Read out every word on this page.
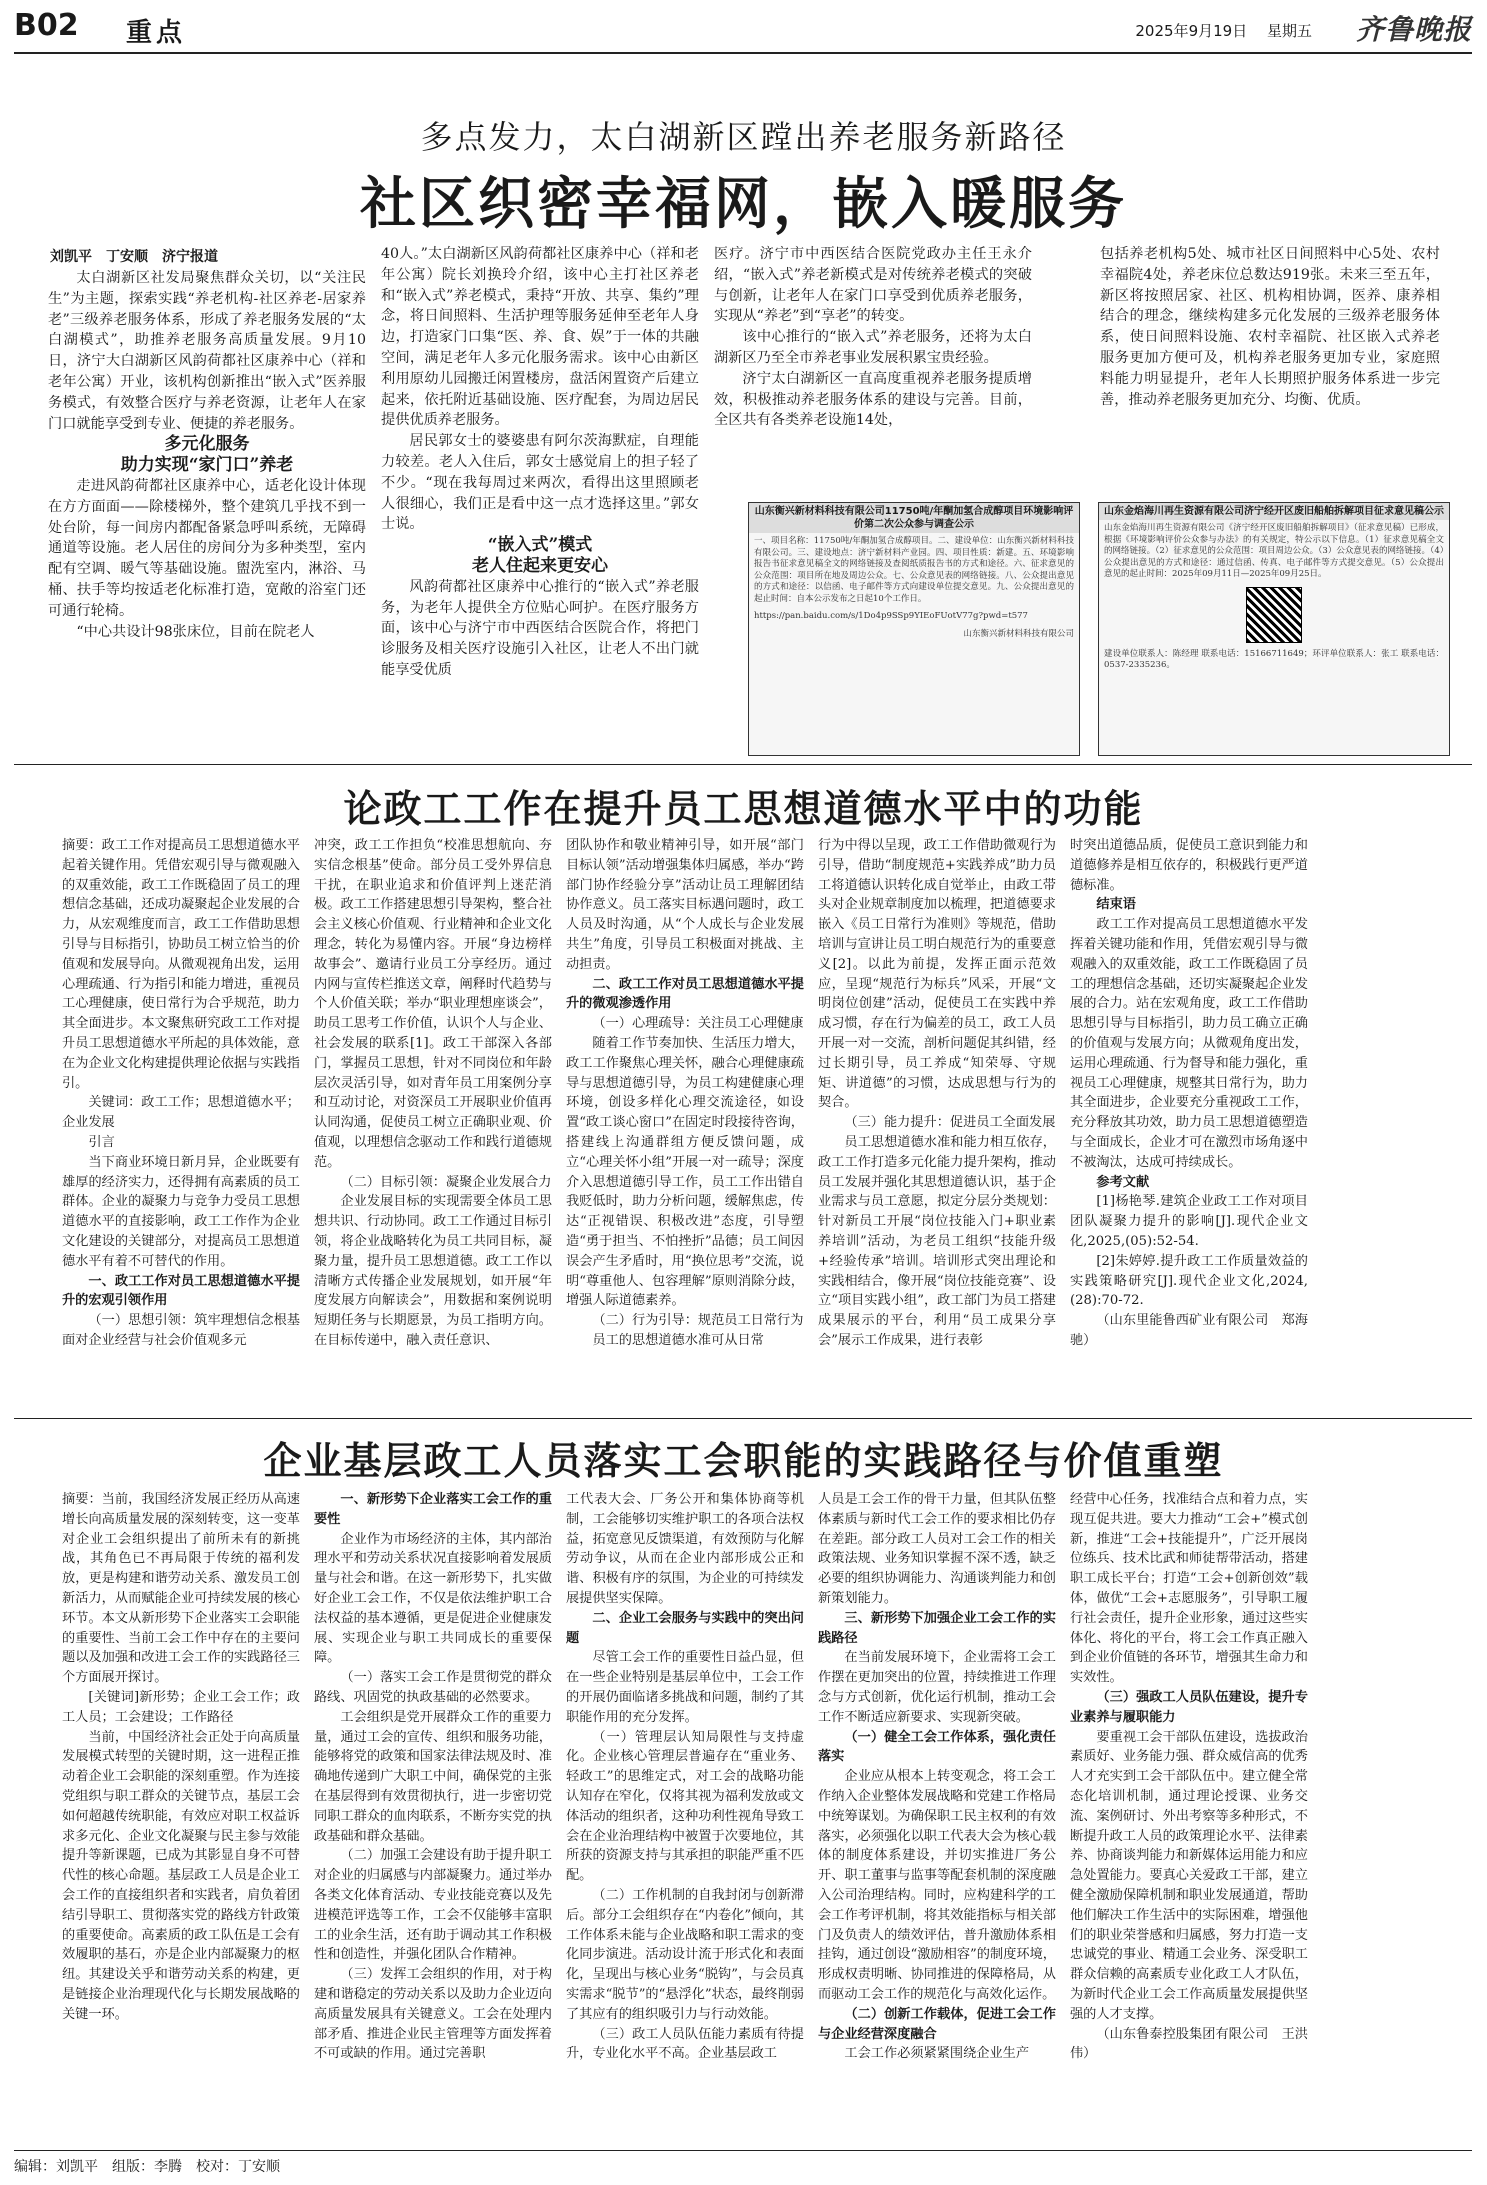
B02 重点	2025年9月19日　 星期五 齐鲁晚报
多点发力，太白湖新区蹚出养老服务新路径
社区织密幸福网，嵌入暖服务
刘凯平　丁安顺　济宁报道

太白湖新区社发局聚焦群众关切，以“关注民生”为主题，探索实践“养老机构-社区养老-居家养老”三级养老服务体系，形成了养老服务发展的“太白湖模式”，助推养老服务高质量发展。9月10日，济宁大白湖新区风韵荷都社区康养中心（祥和老年公寓）开业，该机构创新推出“嵌入式”医养服务模式，有效整合医疗与养老资源，让老年人在家门口就能享受到专业、便捷的养老服务。

多元化服务

助力实现“家门口”养老

走进风韵荷都社区康养中心，适老化设计体现在方方面面——除楼梯外，整个建筑几乎找不到一处台阶，每一间房内都配备紧急呼叫系统，无障碍通道等设施。老人居住的房间分为多种类型，室内配有空调、暖气等基础设施。盥洗室内，淋浴、马桶、扶手等均按适老化标准打造，宽敞的浴室门还可通行轮椅。

“中心共设计98张床位，目前在院老人

40人。”太白湖新区风韵荷都社区康养中心（祥和老年公寓）院长刘换玲介绍，该中心主打社区养老和“嵌入式”养老模式，秉持“开放、共享、集约”理念，将日间照料、生活护理等服务延伸至老年人身边，打造家门口集“医、养、食、娱”于一体的共融空间，满足老年人多元化服务需求。该中心由新区利用原幼儿园搬迁闲置楼房，盘活闲置资产后建立起来，依托附近基础设施、医疗配套，为周边居民提供优质养老服务。

居民郭女士的婆婆患有阿尔茨海默症，自理能力较差。老人入住后，郭女士感觉肩上的担子轻了不少。“现在我每周过来两次，看得出这里照顾老人很细心，我们正是看中这一点才选择这里。”郭女士说。

“嵌入式”模式

老人住起来更安心

风韵荷都社区康养中心推行的“嵌入式”养老服务，为老年人提供全方位贴心呵护。在医疗服务方面，该中心与济宁市中西医结合医院合作，将把门诊服务及相关医疗设施引入社区，让老人不出门就能享受优质

医疗。济宁市中西医结合医院党政办主任王永介绍，“嵌入式”养老新模式是对传统养老模式的突破与创新，让老年人在家门口享受到优质养老服务，实现从“养老”到“享老”的转变。

该中心推行的“嵌入式”养老服务，还将为太白湖新区乃至全市养老事业发展积累宝贵经验。

济宁太白湖新区一直高度重视养老服务提质增效，积极推动养老服务体系的建设与完善。目前，全区共有各类养老设施14处，

包括养老机构5处、城市社区日间照料中心5处、农村幸福院4处，养老床位总数达919张。未来三至五年，新区将按照居家、社区、机构相协调，医养、康养相结合的理念，继续构建多元化发展的三级养老服务体系，使日间照料设施、农村幸福院、社区嵌入式养老服务更加方便可及，机构养老服务更加专业，家庭照料能力明显提升，老年人长期照护服务体系进一步完善，推动养老服务更加充分、均衡、优质。

山东衡兴新材料科技有限公司11750吨/年酮加氢合成醇项目环境影响评价第二次公众参与调查公示
一、项目名称：11750吨/年酮加氢合成醇项目。二、建设单位：山东衡兴新材料科技有限公司。三、建设地点：济宁新材料产业园。四、项目性质：新建。五、环境影响报告书征求意见稿全文的网络链接及查阅纸质报告书的方式和途径。六、征求意见的公众范围：项目所在地及周边公众。七、公众意见表的网络链接。八、公众提出意见的方式和途径：以信函、电子邮件等方式向建设单位提交意见。九、公众提出意见的起止时间：自本公示发布之日起10个工作日。
https://pan.baidu.com/s/1Do4p9SSp9YIEoFUotV77g?pwd=t577
山东衡兴新材料科技有限公司
山东金焰海川再生资源有限公司济宁经开区废旧船舶拆解项目征求意见稿公示
山东金焰海川再生资源有限公司《济宁经开区废旧船舶拆解项目》（征求意见稿）已形成，根据《环境影响评价公众参与办法》的有关规定，特公示以下信息。（1）征求意见稿全文的网络链接。（2）征求意见的公众范围：项目周边公众。（3）公众意见表的网络链接。（4）公众提出意见的方式和途径：通过信函、传真、电子邮件等方式提交意见。（5）公众提出意见的起止时间：2025年09月11日—2025年09月25日。
建设单位联系人：陈经理 联系电话：15166711649；环评单位联系人：张工 联系电话：0537-2335236。
论政工工作在提升员工思想道德水平中的功能

摘要：政工工作对提高员工思想道德水平起着关键作用。凭借宏观引导与微观融入的双重效能，政工工作既稳固了员工的理想信念基础，还成功凝聚起企业发展的合力，从宏观维度而言，政工工作借助思想引导与目标指引，协助员工树立恰当的价值观和发展导向。从微观视角出发，运用心理疏通、行为指引和能力增进，重视员工心理健康，使日常行为合乎规范，助力其全面进步。本文聚焦研究政工工作对提升员工思想道德水平所起的具体效能，意在为企业文化构建提供理论依据与实践指引。

关键词：政工工作；思想道德水平；企业发展

引言

当下商业环境日新月异，企业既要有雄厚的经济实力，还得拥有高素质的员工群体。企业的凝聚力与竞争力受员工思想道德水平的直接影响，政工工作作为企业文化建设的关键部分，对提高员工思想道德水平有着不可替代的作用。

一、政工工作对员工思想道德水平提升的宏观引领作用

（一）思想引领：筑牢理想信念根基面对企业经营与社会价值观多元

冲突，政工工作担负“校准思想航向、夯实信念根基”使命。部分员工受外界信息干扰，在职业追求和价值评判上迷茫消极。政工工作搭建思想引导架构，整合社会主义核心价值观、行业精神和企业文化理念，转化为易懂内容。开展“身边榜样故事会”、邀请行业员工分享经历。通过内网与宣传栏推送文章，阐释时代趋势与个人价值关联；举办“职业理想座谈会”，助员工思考工作价值，认识个人与企业、社会发展的联系[1]。政工干部深入各部门，掌握员工思想，针对不同岗位和年龄层次灵活引导，如对青年员工用案例分享和互动讨论，对资深员工开展职业价值再认同沟通，促使员工树立正确职业观、价值观，以理想信念驱动工作和践行道德规范。

（二）目标引领：凝聚企业发展合力

企业发展目标的实现需要全体员工思想共识、行动协同。政工工作通过目标引领，将企业战略转化为员工共同目标，凝聚力量，提升员工思想道德。政工工作以清晰方式传播企业发展规划，如开展“年度发展方向解读会”，用数据和案例说明短期任务与长期愿景，为员工指明方向。在目标传递中，融入责任意识、

团队协作和敬业精神引导，如开展“部门目标认领”活动增强集体归属感，举办“跨部门协作经验分享”活动让员工理解团结协作意义。员工落实目标遇问题时，政工人员及时沟通，从“个人成长与企业发展共生”角度，引导员工积极面对挑战、主动担责。

二、政工工作对员工思想道德水平提升的微观渗透作用

（一）心理疏导：关注员工心理健康

随着工作节奏加快、生活压力增大，政工工作聚焦心理关怀，融合心理健康疏导与思想道德引导，为员工构建健康心理环境，创设多样化心理交流途径，如设置“政工谈心窗口”在固定时段接待咨询，搭建线上沟通群组方便反馈问题，成立“心理关怀小组”开展一对一疏导；深度介入思想道德引导工作，员工工作出错自我贬低时，助力分析问题，缓解焦虑，传达“正视错误、积极改进”态度，引导塑造“勇于担当、不怕挫折”品德；员工间因误会产生矛盾时，用“换位思考”交流，说明“尊重他人、包容理解”原则消除分歧，增强人际道德素养。

（二）行为引导：规范员工日常行为

员工的思想道德水准可从日常

行为中得以呈现，政工工作借助微观行为引导，借助“制度规范+实践养成”助力员工将道德认识转化成自觉举止，由政工带头对企业规章制度加以梳理，把道德要求嵌入《员工日常行为准则》等规范，借助培训与宣讲让员工明白规范行为的重要意义[2]。以此为前提，发挥正面示范效应，呈现“规范行为标兵”风采，开展“文明岗位创建”活动，促使员工在实践中养成习惯，存在行为偏差的员工，政工人员开展一对一交流，剖析问题促其纠错，经过长期引导，员工养成“知荣辱、守规矩、讲道德”的习惯，达成思想与行为的契合。

（三）能力提升：促进员工全面发展

员工思想道德水准和能力相互依存，政工工作打造多元化能力提升架构，推动员工发展并强化其思想道德认识，基于企业需求与员工意愿，拟定分层分类规划：针对新员工开展“岗位技能入门+职业素养培训”活动，为老员工组织“技能升级+经验传承”培训。培训形式突出理论和实践相结合，像开展“岗位技能竞赛”、设立“项目实践小组”，政工部门为员工搭建成果展示的平台，利用“员工成果分享会”展示工作成果，进行表彰

时突出道德品质，促使员工意识到能力和道德修养是相互依存的，积极践行更严道德标准。

结束语

政工工作对提高员工思想道德水平发挥着关键功能和作用，凭借宏观引导与微观融入的双重效能，政工工作既稳固了员工的理想信念基础，还切实凝聚起企业发展的合力。站在宏观角度，政工工作借助思想引导与目标指引，助力员工确立正确的价值观与发展方向；从微观角度出发，运用心理疏通、行为督导和能力强化，重视员工心理健康，规整其日常行为，助力其全面进步，企业要充分重视政工工作，充分释放其功效，助力员工思想道德塑造与全面成长，企业才可在激烈市场角逐中不被淘汰，达成可持续成长。

参考文献

[1]杨艳琴.建筑企业政工工作对项目团队凝聚力提升的影响[J].现代企业文化,2025,(05):52-54.

[2]朱婷婷.提升政工工作质量效益的实践策略研究[J].现代企业文化,2024,(28):70-72.

（山东里能鲁西矿业有限公司　郑海驰）

企业基层政工人员落实工会职能的实践路径与价值重塑

摘要：当前，我国经济发展正经历从高速增长向高质量发展的深刻转变，这一变革对企业工会组织提出了前所未有的新挑战，其角色已不再局限于传统的福利发放，更是构建和谐劳动关系、激发员工创新活力，从而赋能企业可持续发展的核心环节。本文从新形势下企业落实工会职能的重要性、当前工会工作中存在的主要问题以及加强和改进工会工作的实践路径三个方面展开探讨。

[关键词]新形势；企业工会工作；政工人员；工会建设；工作路径

当前，中国经济社会正处于向高质量发展模式转型的关键时期，这一进程正推动着企业工会职能的深刻重塑。作为连接党组织与职工群众的关键节点，基层工会如何超越传统职能，有效应对职工权益诉求多元化、企业文化凝聚与民主参与效能提升等新课题，已成为其影显自身不可替代性的核心命题。基层政工人员是企业工会工作的直接组织者和实践者，肩负着团结引导职工、贯彻落实党的路线方针政策的重要使命。高素质的政工队伍是工会有效履职的基石，亦是企业内部凝聚力的枢纽。其建设关乎和谐劳动关系的构建，更是链接企业治理现代化与长期发展战略的关键一环。

一、新形势下企业落实工会工作的重要性

企业作为市场经济的主体，其内部治理水平和劳动关系状况直接影响着发展质量与社会和谐。在这一新形势下，扎实做好企业工会工作，不仅是依法维护职工合法权益的基本遵循，更是促进企业健康发展、实现企业与职工共同成长的重要保障。

（一）落实工会工作是贯彻党的群众路线、巩固党的执政基础的必然要求。

工会组织是党开展群众工作的重要力量，通过工会的宣传、组织和服务功能，能够将党的政策和国家法律法规及时、准确地传递到广大职工中间，确保党的主张在基层得到有效贯彻执行，进一步密切党同职工群众的血肉联系，不断夯实党的执政基础和群众基础。

（二）加强工会建设有助于提升职工对企业的归属感与内部凝聚力。通过举办各类文化体育活动、专业技能竞赛以及先进模范评选等工作，工会不仅能够丰富职工的业余生活，还有助于调动其工作积极性和创造性，并强化团队合作精神。

（三）发挥工会组织的作用，对于构建和谐稳定的劳动关系以及助力企业迈向高质量发展具有关键意义。工会在处理内部矛盾、推进企业民主管理等方面发挥着不可或缺的作用。通过完善职

工代表大会、厂务公开和集体协商等机制，工会能够切实维护职工的各项合法权益，拓宽意见反馈渠道，有效预防与化解劳动争议，从而在企业内部形成公正和谐、积极有序的氛围，为企业的可持续发展提供坚实保障。

二、企业工会服务与实践中的突出问题

尽管工会工作的重要性日益凸显，但在一些企业特别是基层单位中，工会工作的开展仍面临诸多挑战和问题，制约了其职能作用的充分发挥。

（一）管理层认知局限性与支持虚化。企业核心管理层普遍存在“重业务、轻政工”的思维定式，对工会的战略功能认知存在窄化，仅将其视为福利发放或文体活动的组织者，这种功利性视角导致工会在企业治理结构中被置于次要地位，其所获的资源支持与其承担的职能严重不匹配。

（二）工作机制的自我封闭与创新滞后。部分工会组织存在“内卷化”倾向，其工作体系未能与企业战略和职工需求的变化同步演进。活动设计流于形式化和表面化，呈现出与核心业务“脱钩”，与会员真实需求“脱节”的“悬浮化”状态，最终削弱了其应有的组织吸引力与行动效能。

（三）政工人员队伍能力素质有待提升，专业化水平不高。企业基层政工

人员是工会工作的骨干力量，但其队伍整体素质与新时代工会工作的要求相比仍存在差距。部分政工人员对工会工作的相关政策法规、业务知识掌握不深不透，缺乏必要的组织协调能力、沟通谈判能力和创新策划能力。

三、新形势下加强企业工会工作的实践路径

在当前发展环境下，企业需将工会工作摆在更加突出的位置，持续推进工作理念与方式创新，优化运行机制，推动工会工作不断适应新要求、实现新突破。

（一）健全工会工作体系，强化责任落实

企业应从根本上转变观念，将工会工作纳入企业整体发展战略和党建工作格局中统筹谋划。为确保职工民主权利的有效落实，必须强化以职工代表大会为核心载体的制度体系建设，并切实推进厂务公开、职工董事与监事等配套机制的深度融入公司治理结构。同时，应构建科学的工会工作考评机制，将其效能指标与相关部门及负责人的绩效评估，普升激励体系相挂钩，通过创设“激励相容”的制度环境，形成权责明晰、协同推进的保障格局，从而驱动工会工作的规范化与高效化运作。

（二）创新工作载体，促进工会工作与企业经营深度融合

工会工作必须紧紧围绕企业生产

经营中心任务，找准结合点和着力点，实现互促共进。要大力推动“工会+”模式创新，推进“工会+技能提升”，广泛开展岗位练兵、技术比武和师徒帮带活动，搭建职工成长平台；打造“工会+创新创效”载体，做优“工会+志愿服务”，引导职工履行社会责任，提升企业形象，通过这些实体化、将化的平台，将工会工作真正融入到企业价值链的各环节，增强其生命力和实效性。

（三）强政工人员队伍建设，提升专业素养与履职能力

要重视工会干部队伍建设，选拔政治素质好、业务能力强、群众威信高的优秀人才充实到工会干部队伍中。建立健全常态化培训机制，通过理论授课、业务交流、案例研讨、外出考察等多种形式，不断提升政工人员的政策理论水平、法律素养、协商谈判能力和新媒体运用能力和应急处置能力。要真心关爱政工干部，建立健全激励保障机制和职业发展通道，帮助他们解决工作生活中的实际困难，增强他们的职业荣誉感和归属感，努力打造一支忠诚党的事业、精通工会业务、深受职工群众信赖的高素质专业化政工人才队伍，为新时代企业工会工作高质量发展提供坚强的人才支撑。

（山东鲁泰控股集团有限公司　王洪伟）

编辑：刘凯平　组版：李腾　校对：丁安顺
